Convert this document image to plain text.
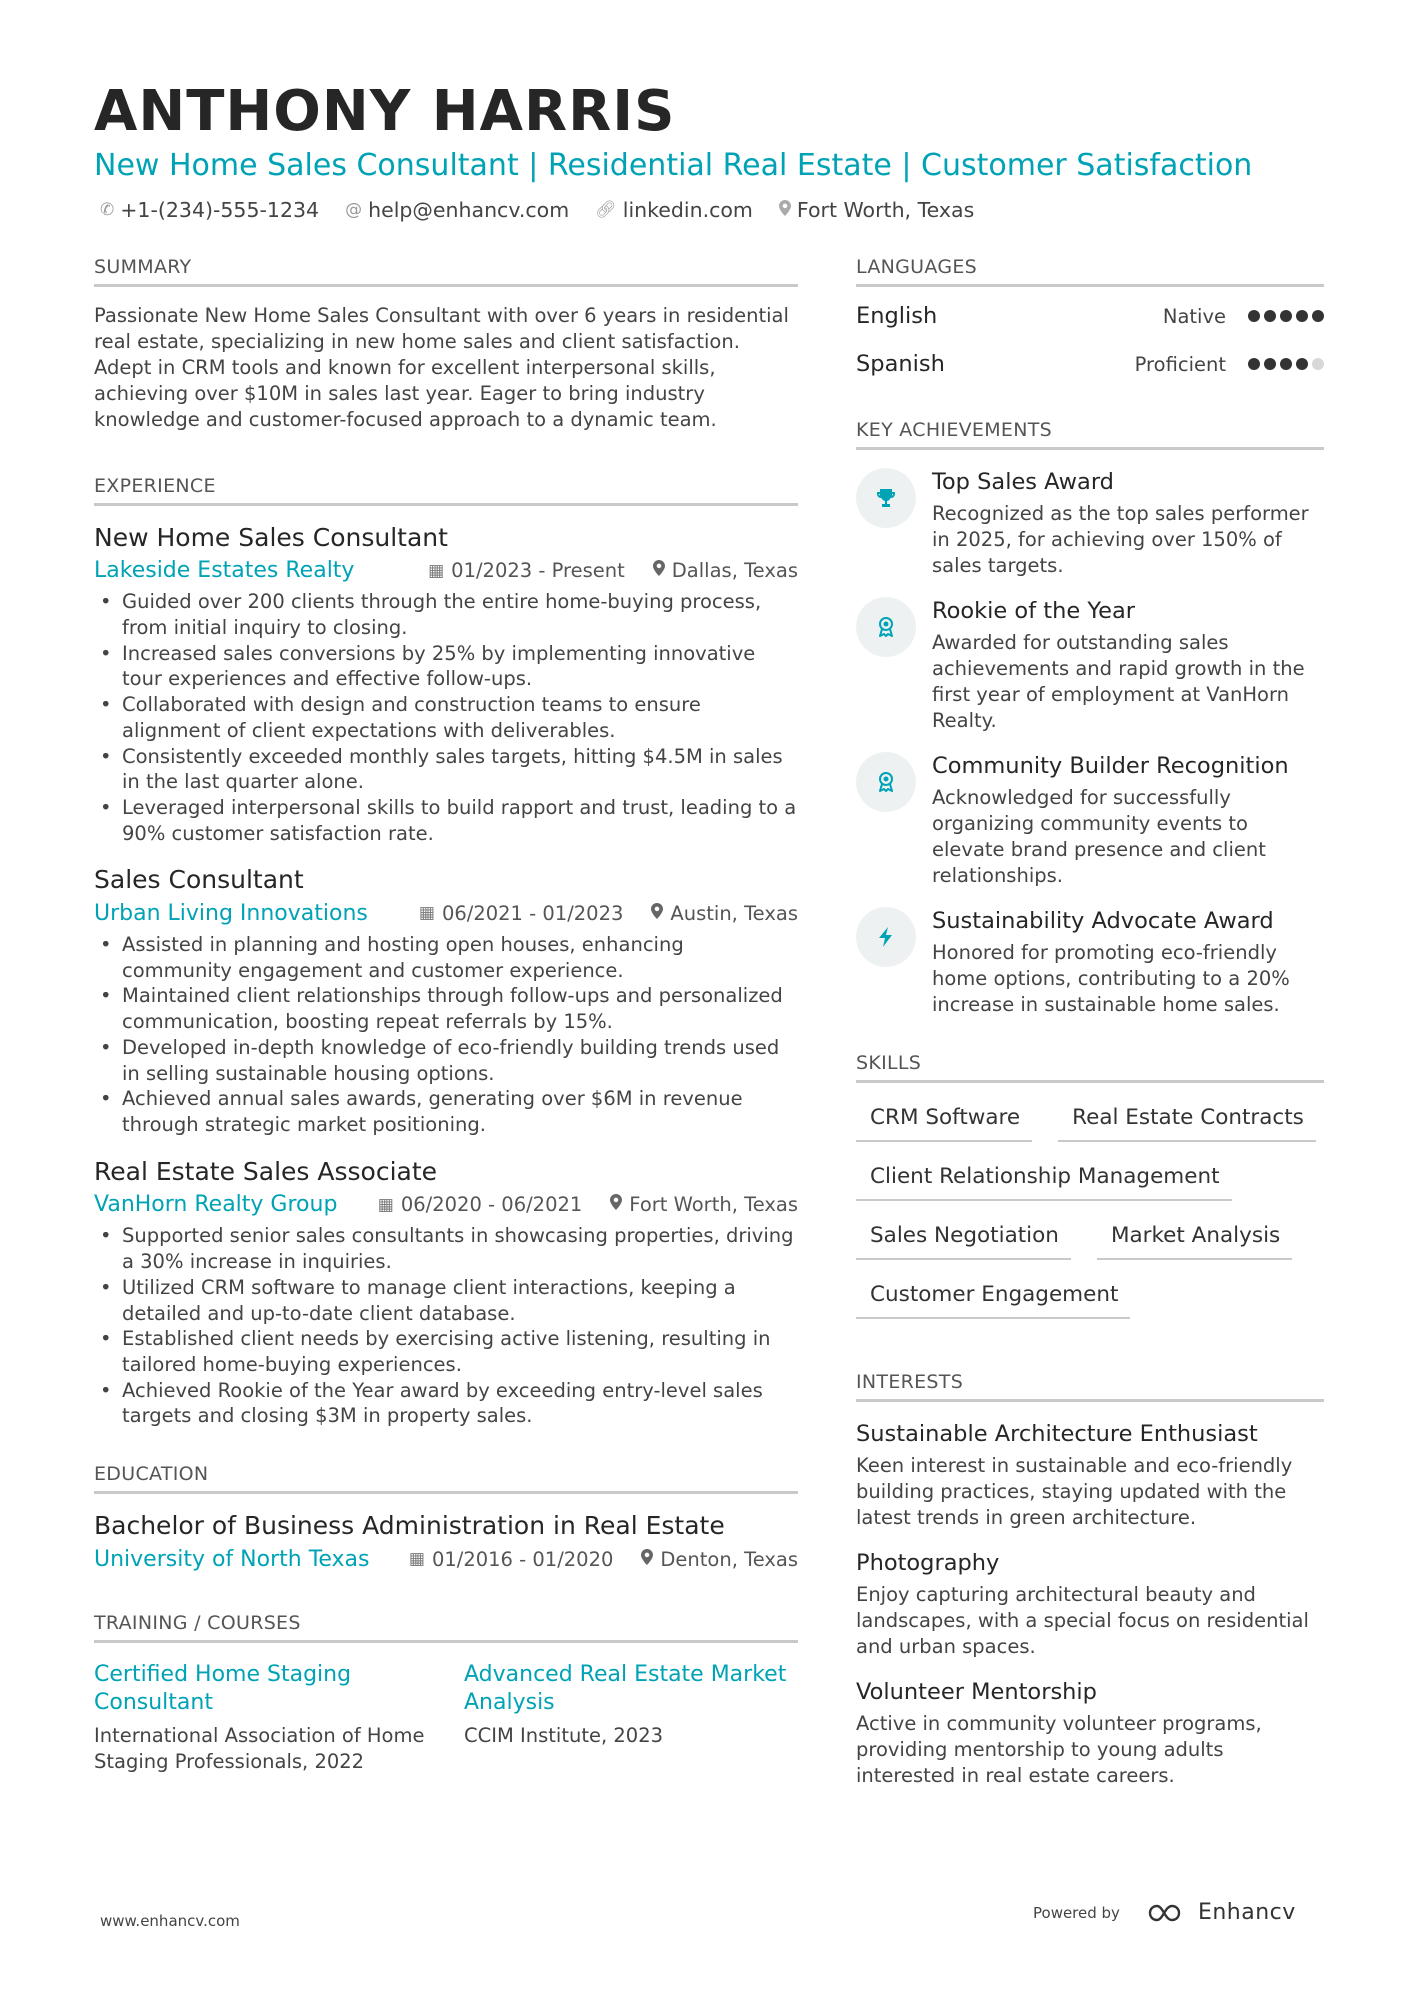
ANTHONY HARRIS
New Home Sales Consultant | Residential Real Estate | Customer Satisfaction
✆ +1-(234)-555-1234 @ help@enhancv.com 🔗︎ linkedin.com Fort Worth, Texas
SUMMARY
Passionate New Home Sales Consultant with over 6 years in residential real estate, specializing in new home sales and client satisfaction. Adept in CRM tools and known for excellent interpersonal skills, achieving over $10M in sales last year. Eager to bring industry knowledge and customer-focused approach to a dynamic team.
EXPERIENCE
New Home Sales Consultant
Lakeside Estates Realty	▦ 01/2023 - Present Dallas, Texas
• Guided over 200 clients through the entire home-buying process, from initial inquiry to closing.
• Increased sales conversions by 25% by implementing innovative tour experiences and effective follow-ups.
• Collaborated with design and construction teams to ensure alignment of client expectations with deliverables.
• Consistently exceeded monthly sales targets, hitting $4.5M in sales in the last quarter alone.
• Leveraged interpersonal skills to build rapport and trust, leading to a 90% customer satisfaction rate.
Sales Consultant
Urban Living Innovations	▦ 06/2021 - 01/2023 Austin, Texas
• Assisted in planning and hosting open houses, enhancing community engagement and customer experience.
• Maintained client relationships through follow-ups and personalized communication, boosting repeat referrals by 15%.
• Developed in-depth knowledge of eco-friendly building trends used in selling sustainable housing options.
• Achieved annual sales awards, generating over $6M in revenue through strategic market positioning.
Real Estate Sales Associate
VanHorn Realty Group ▦ 06/2020 - 06/2021 Fort Worth, Texas
• Supported senior sales consultants in showcasing properties, driving a 30% increase in inquiries.
• Utilized CRM software to manage client interactions, keeping a detailed and up-to-date client database.
• Established client needs by exercising active listening, resulting in tailored home-buying experiences.
• Achieved Rookie of the Year award by exceeding entry-level sales targets and closing $3M in property sales.
EDUCATION
Bachelor of Business Administration in Real Estate
University of North Texas ▦ 01/2016 - 01/2020 Denton, Texas
TRAINING / COURSES
Certified Home Staging Consultant
International Association of Home Staging Professionals, 2022
Advanced Real Estate Market Analysis
CCIM Institute, 2023
LANGUAGES
English	Native
Spanish	Proficient
KEY ACHIEVEMENTS
Top Sales Award
Recognized as the top sales performer in 2025, for achieving over 150% of sales targets.
Rookie of the Year
Awarded for outstanding sales achievements and rapid growth in the first year of employment at VanHorn Realty.
Community Builder Recognition
Acknowledged for successfully organizing community events to elevate brand presence and client relationships.
Sustainability Advocate Award
Honored for promoting eco-friendly home options, contributing to a 20% increase in sustainable home sales.
SKILLS
CRM Software	Real Estate Contracts
Client Relationship Management
Sales Negotiation	Market Analysis
Customer Engagement
INTERESTS
Sustainable Architecture Enthusiast
Keen interest in sustainable and eco-friendly building practices, staying updated with the latest trends in green architecture.
Photography
Enjoy capturing architectural beauty and landscapes, with a special focus on residential and urban spaces.
Volunteer Mentorship
Active in community volunteer programs, providing mentorship to young adults interested in real estate careers.
www.enhancv.com	Powered by	Enhancv
